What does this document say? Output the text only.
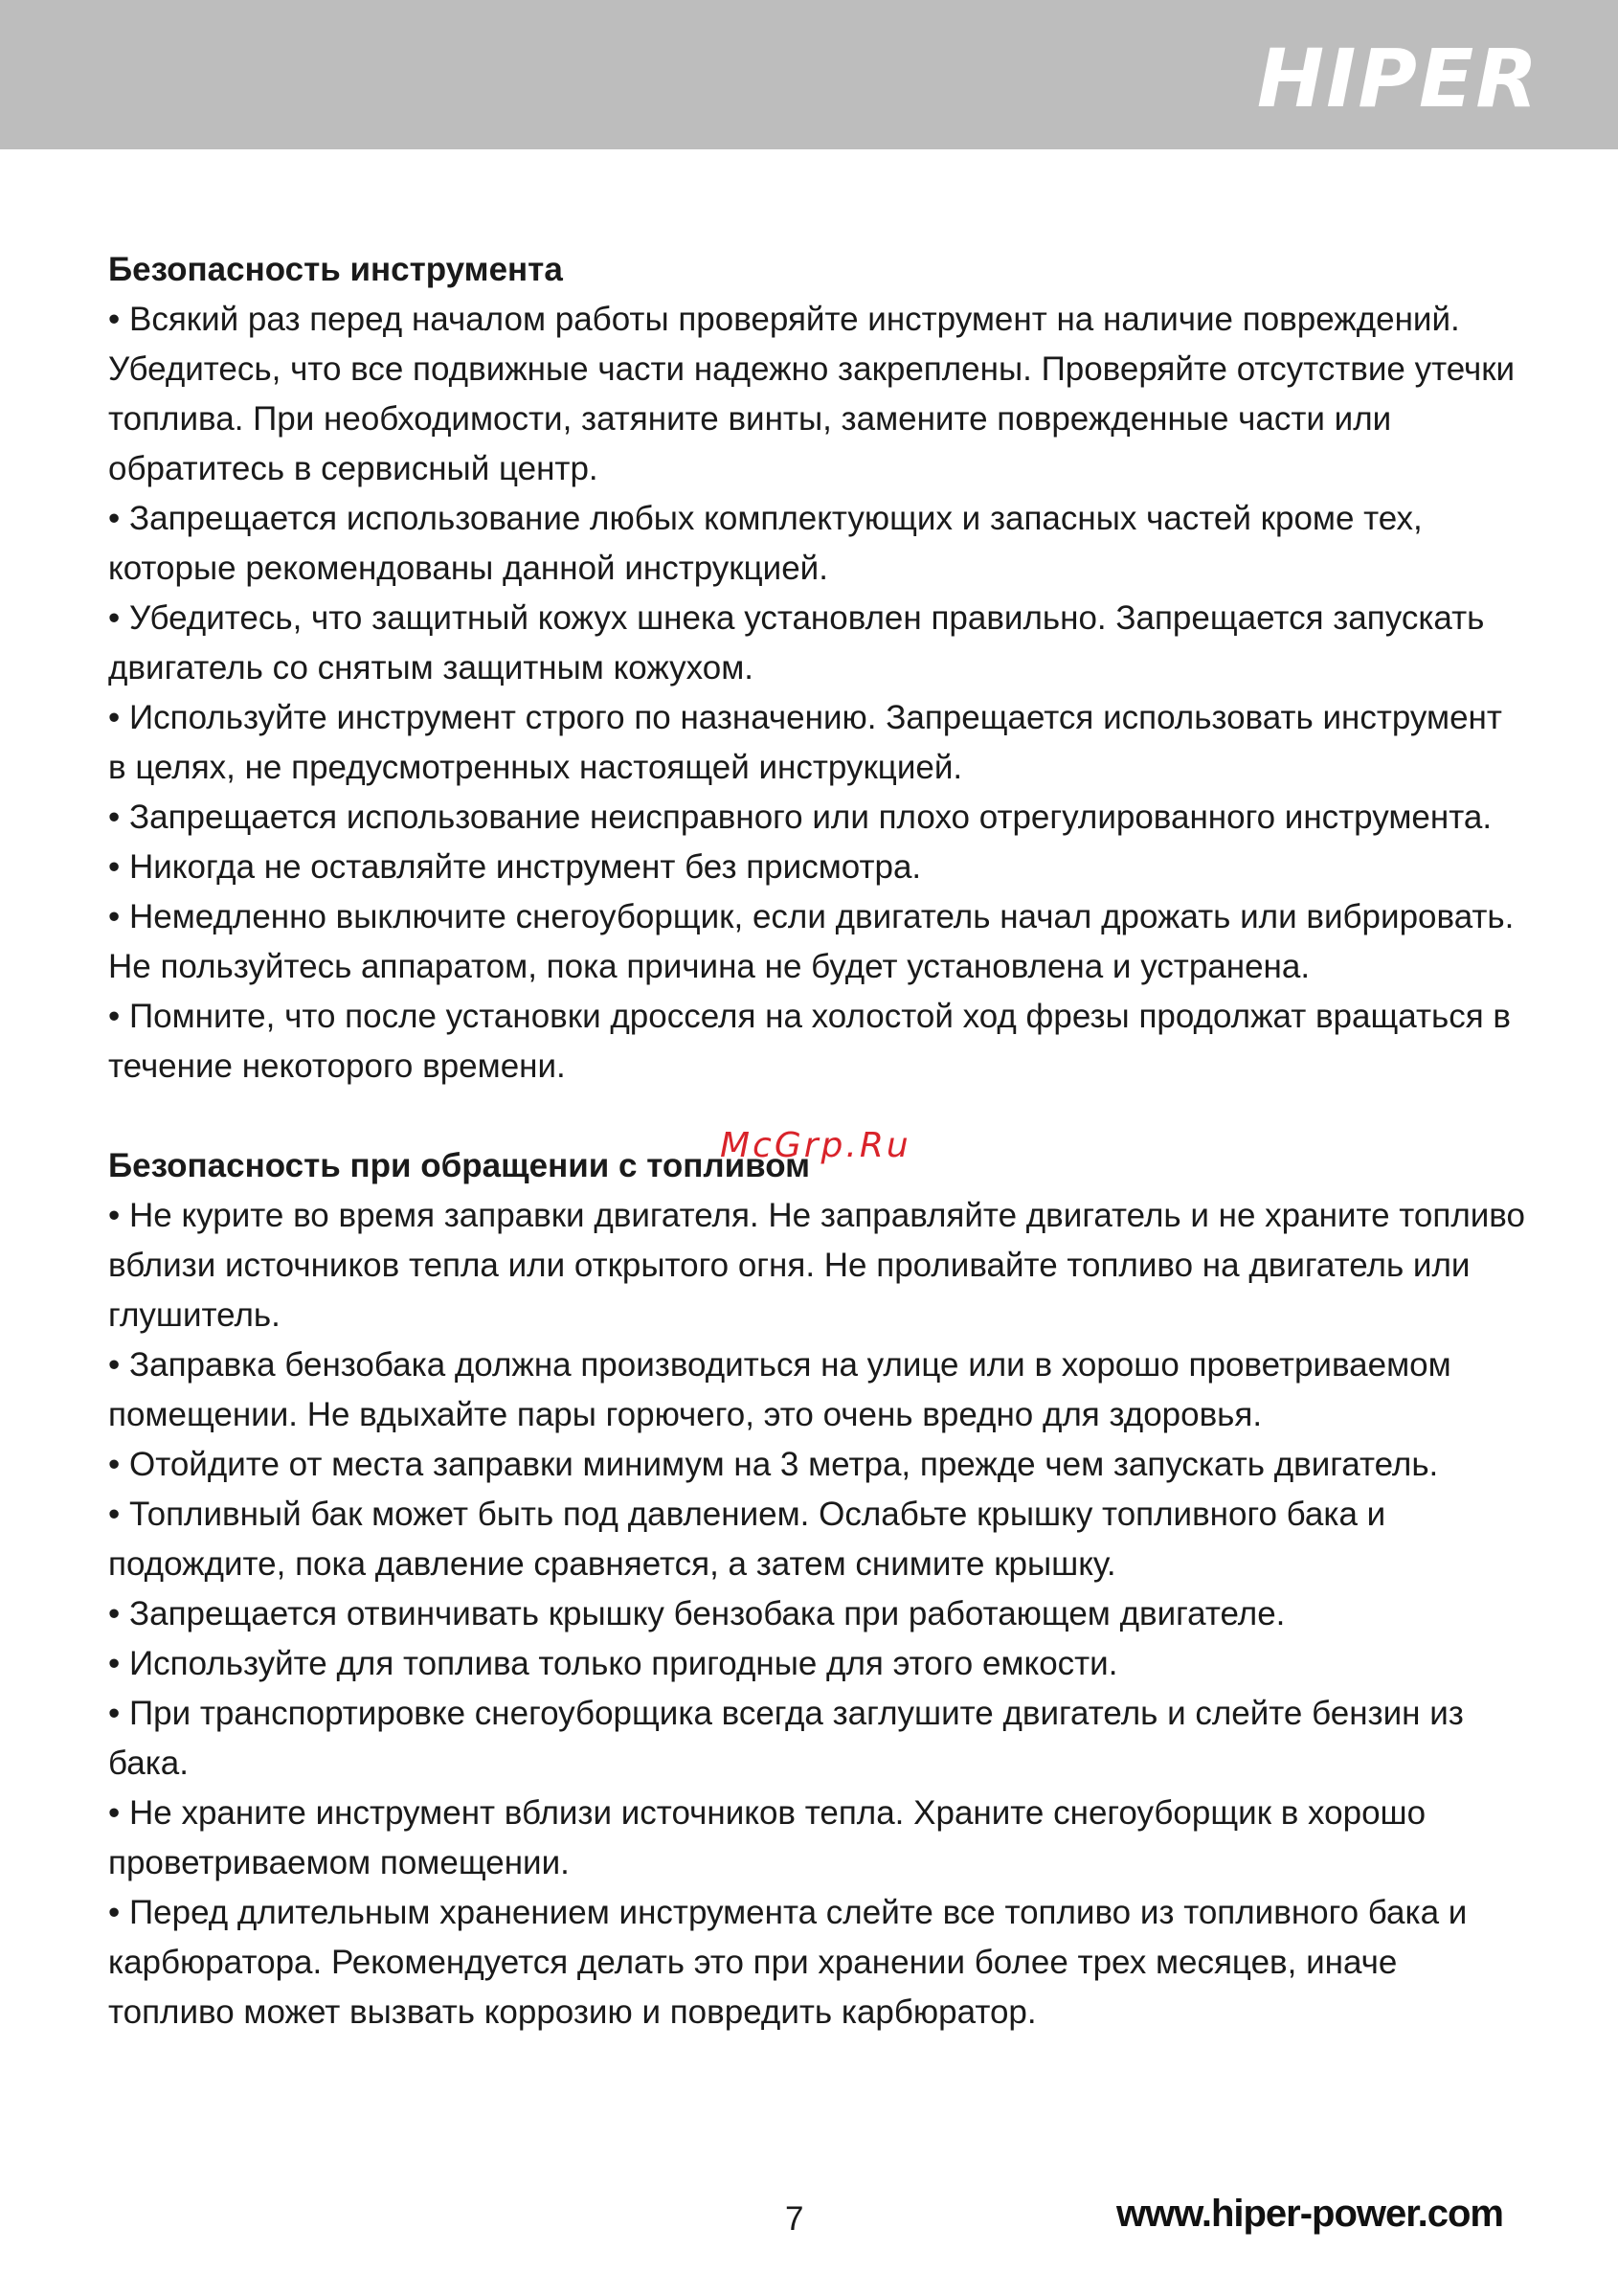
HIPER

Безопасность инструмента

• Всякий раз перед началом работы проверяйте инструмент на наличие повреждений. Убедитесь, что все подвижные части надежно закреплены. Проверяйте отсутствие утечки топлива. При необходимости, затяните винты, замените поврежденные части или обратитесь в сервисный центр.

• Запрещается использование любых комплектующих и запасных частей кроме тех, которые рекомендованы данной инструкцией.

• Убедитесь, что защитный кожух шнека установлен правильно. Запрещается запускать двигатель со снятым защитным кожухом.

• Используйте инструмент строго по назначению. Запрещается использовать инструмент в целях, не предусмотренных настоящей инструкцией.

• Запрещается использование неисправного или плохо отрегулированного инструмента.

• Никогда не оставляйте инструмент без присмотра.

• Немедленно выключите снегоуборщик, если двигатель начал дрожать или вибрировать. Не пользуйтесь аппаратом, пока причина не будет установлена и устранена.

• Помните, что после установки дросселя на холостой ход фрезы продолжат вращаться в течение некоторого времени.

Безопасность при обращении с топливом

• Не курите во время заправки двигателя. Не заправляйте двигатель и не храните топливо вблизи источников тепла или открытого огня. Не проливайте топливо на двигатель или глушитель.

• Заправка бензобака должна производиться на улице или в хорошо проветриваемом помещении. Не вдыхайте пары горючего, это очень вредно для здоровья.

• Отойдите от места заправки минимум на 3 метра, прежде чем запускать двигатель.

• Топливный бак может быть под давлением. Ослабьте крышку топливного бака и подождите, пока давление сравняется, а затем снимите крышку.

• Запрещается отвинчивать крышку бензобака при работающем двигателе.

• Используйте для топлива только пригодные для этого емкости.

• При транспортировке снегоуборщика всегда заглушите двигатель и слейте бензин из бака.

• Не храните инструмент вблизи источников тепла. Храните снегоуборщик в хорошо проветриваемом помещении.

• Перед длительным хранением инструмента слейте все топливо из топливного бака и карбюратора. Рекомендуется делать это при хранении более трех месяцев, иначе топливо может вызвать коррозию и повредить карбюратор.

McGrp.Ru
7	www.hiper-power.com
